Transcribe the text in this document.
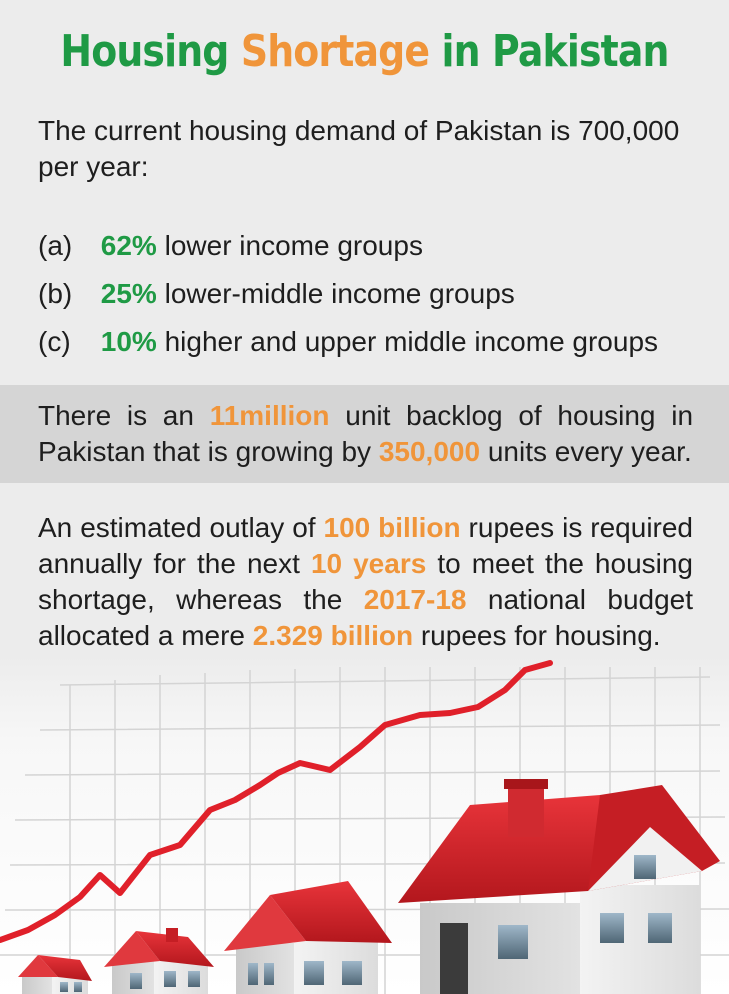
Housing Shortage in Pakistan

The current housing demand of Pakistan is 700,000 per year:

(a) 62% lower income groups
(b) 25% lower-middle income groups
(c) 10% higher and upper middle income groups

There is an 11million unit backlog of housing in Pakistan that is growing by 350,000 units every year.

An estimated outlay of 100 billion rupees is required annually for the next 10 years to meet the housing shortage, whereas the 2017-18 national budget allocated a mere 2.329 billion rupees for housing.
